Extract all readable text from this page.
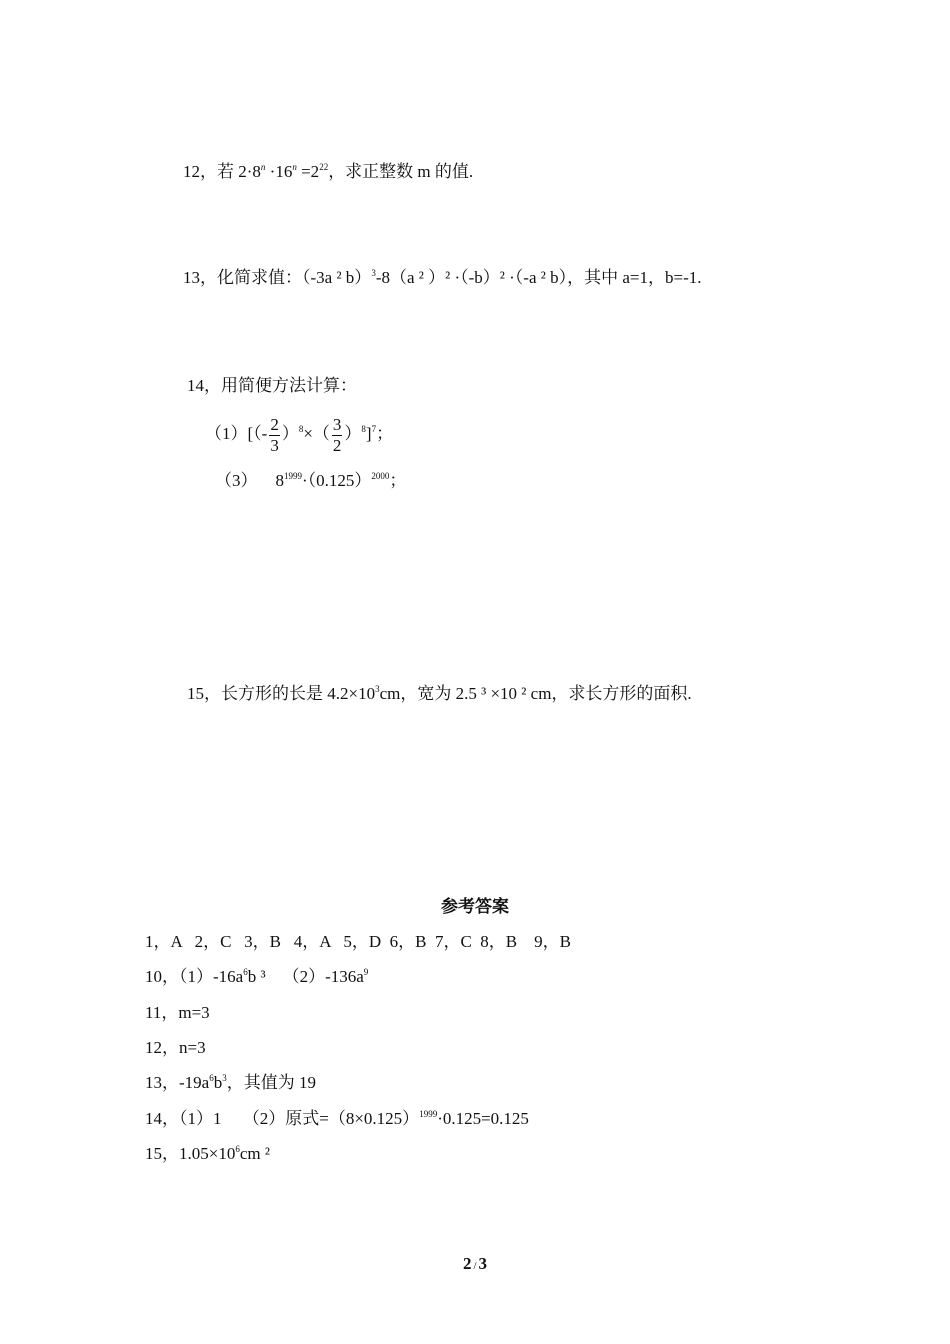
12，若 $2\cdot 8^n \cdot 16^n =2^{22}$，求正整数 m 的值.
13，化简求值：（-3a ² b）$^3$-8（a ² ）² ·（-b）² ·（-a ² b），其中 a=1，b=-1.
14，用简便方法计算：
$(1)[(- \frac{2}{3} )^8\times( \frac{3}{2} )^8]^7$；
（3） $8^{1999}\cdot(0.125)^{2000}$；
15，长方形的长是 $4.2\times 10^3cm$，宽为 2.5 ³ ×10 ² cm，求长方形的面积.
参考答案
1，A   2，C   3，B   4，A   5，D  6，B  7，C  8，B    9，B
10，$(1)-16a^6b$ ³    $(2)-136a^9$
11，m=3
12，n=3
13，$-19a^6b^3$，其值为 19
14，（1）1     （2）原式$=(8\times 0.125)^{1999}\cdot 0.125=0.125$
15，$1.05\times 10^6cm$ ²
2 / 3
